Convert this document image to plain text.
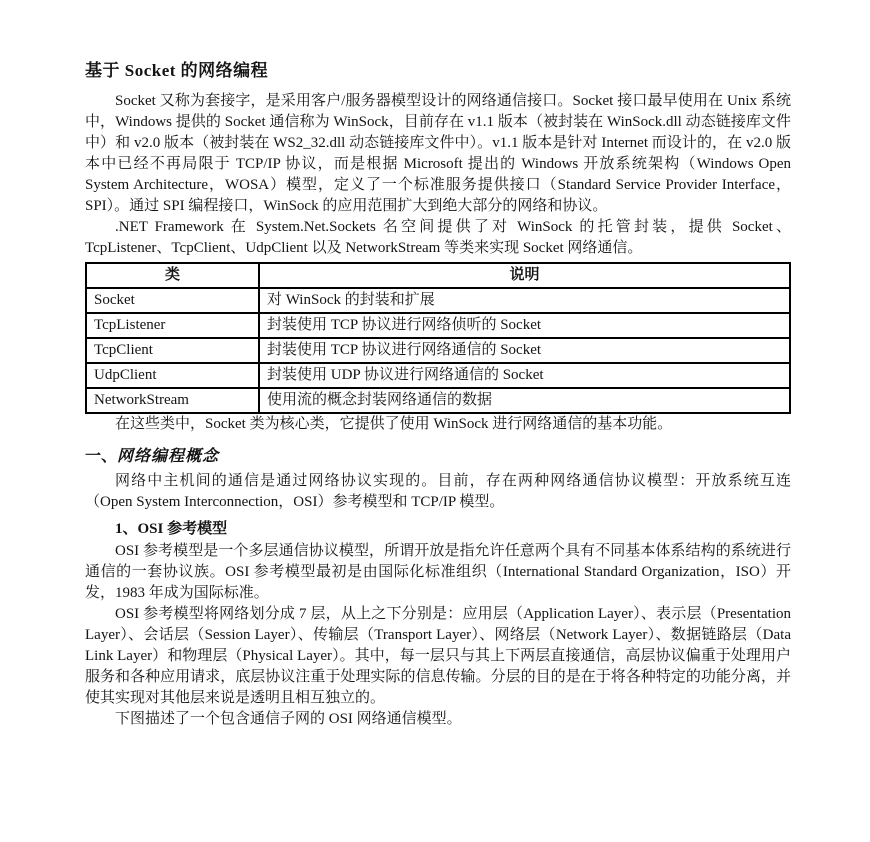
基于 Socket 的网络编程

Socket 又称为套接字，是采用客户/服务器模型设计的网络通信接口。Socket 接口最早使用在 Unix 系统中，Windows 提供的 Socket 通信称为 WinSock，目前存在 v1.1 版本（被封装在 WinSock.dll 动态链接库文件中）和 v2.0 版本（被封装在 WS2_32.dll 动态链接库文件中）。v1.1 版本是针对 Internet 而设计的，在 v2.0 版本中已经不再局限于 TCP/IP 协议，而是根据 Microsoft 提出的 Windows 开放系统架构（Windows Open System Architecture，WOSA）模型，定义了一个标准服务提供接口（Standard Service Provider Interface，SPI）。通过 SPI 编程接口，WinSock 的应用范围扩大到绝大部分的网络和协议。

.NET Framework 在 System.Net.Sockets 名空间提供了对 WinSock 的托管封装，提供 Socket、TcpListener、TcpClient、UdpClient 以及 NetworkStream 等类来实现 Socket 网络通信。

类	说明
Socket	对 WinSock 的封装和扩展
TcpListener	封装使用 TCP 协议进行网络侦听的 Socket
TcpClient	封装使用 TCP 协议进行网络通信的 Socket
UdpClient	封装使用 UDP 协议进行网络通信的 Socket
NetworkStream	使用流的概念封装网络通信的数据

在这些类中，Socket 类为核心类，它提供了使用 WinSock 进行网络通信的基本功能。

一、网络编程概念

网络中主机间的通信是通过网络协议实现的。目前，存在两种网络通信协议模型：开放系统互连（Open System Interconnection，OSI）参考模型和 TCP/IP 模型。

1、OSI 参考模型

OSI 参考模型是一个多层通信协议模型，所谓开放是指允许任意两个具有不同基本体系结构的系统进行通信的一套协议族。OSI 参考模型最初是由国际化标准组织（International Standard Organization，ISO）开发，1983 年成为国际标准。

OSI 参考模型将网络划分成 7 层，从上之下分别是：应用层（Application Layer）、表示层（Presentation Layer）、会话层（Session Layer）、传输层（Transport Layer）、网络层（Network Layer）、数据链路层（Data Link Layer）和物理层（Physical Layer）。其中，每一层只与其上下两层直接通信，高层协议偏重于处理用户服务和各种应用请求，底层协议注重于处理实际的信息传输。分层的目的是在于将各种特定的功能分离，并使其实现对其他层来说是透明且相互独立的。

下图描述了一个包含通信子网的 OSI 网络通信模型。
